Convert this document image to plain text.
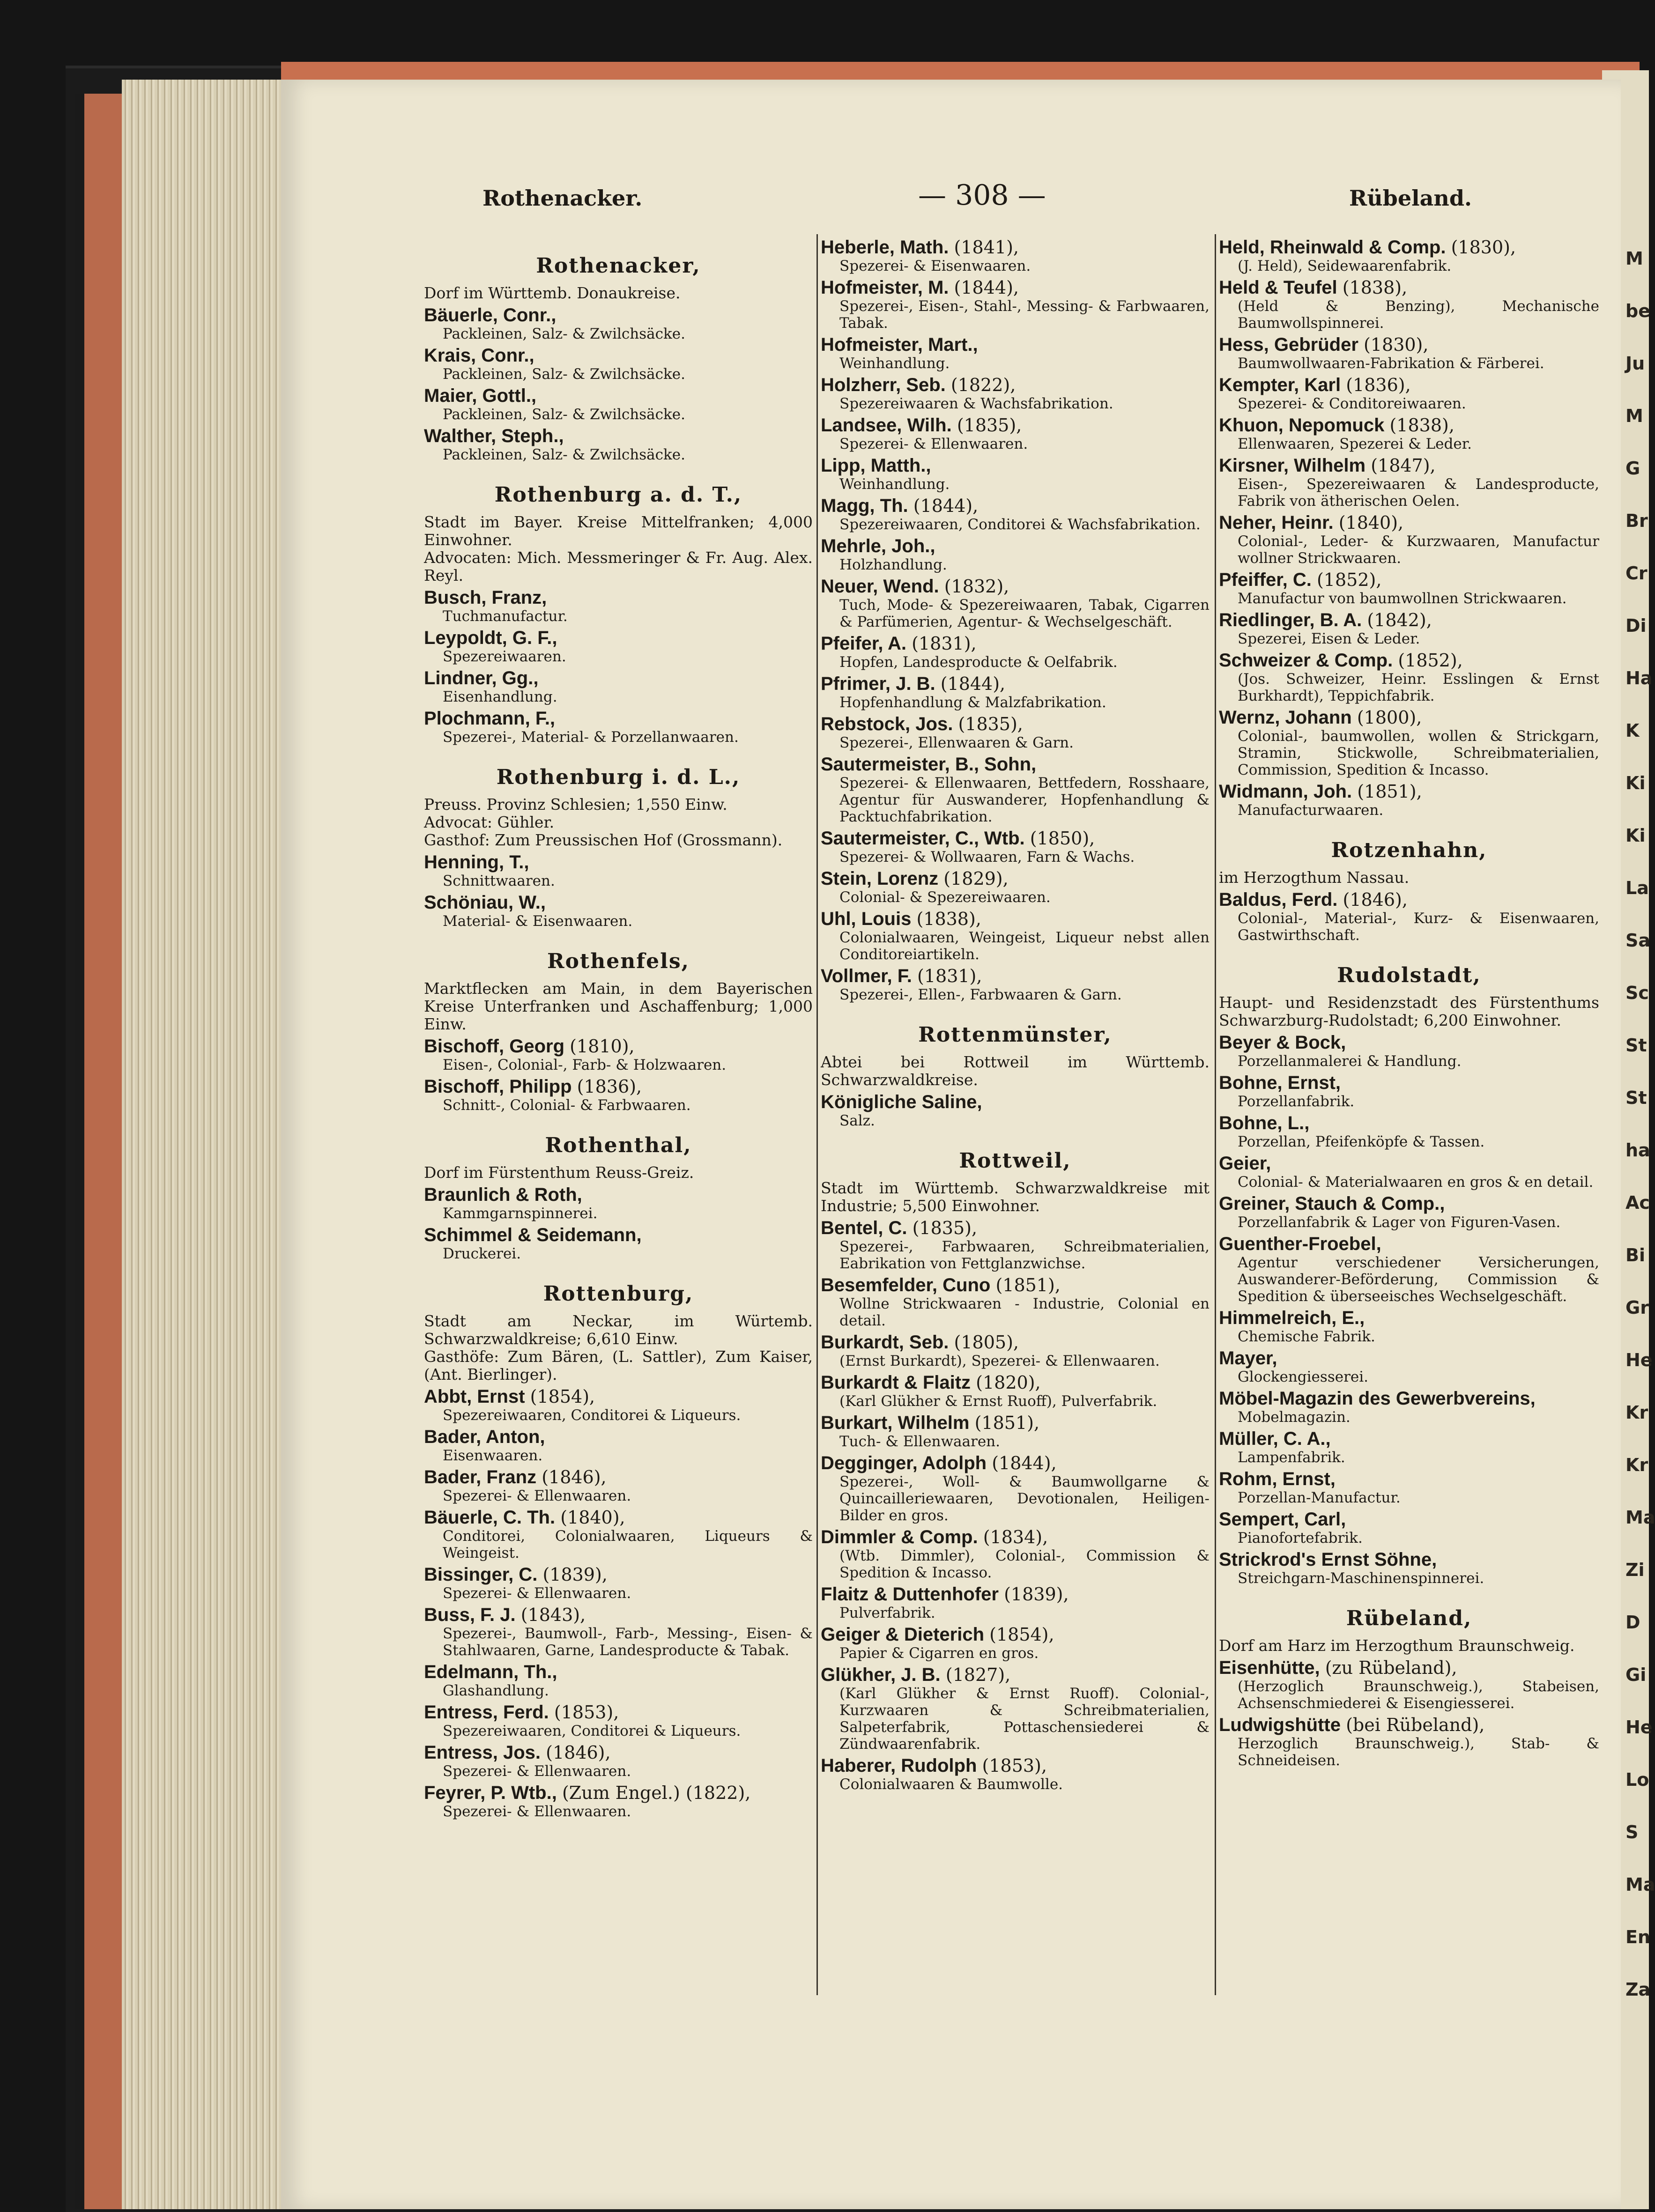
M
be
Ju
M
G
Br
Cr
Di
Ha
K
Ki
Ki
La
Sa
Sc
St
St
ha
Ac
Bi
Gr
He
Kr
Kr
Ma
Zi
D
Gi
He
Lo
S
Ma
En
Za
Rothenacker.	— 308 —	Rübeland.
Rothenacker,
Dorf im Württemb. Donaukreise.
Bäuerle, Conr.,
Packleinen, Salz- & Zwilchsäcke.
Krais, Conr.,
Packleinen, Salz- & Zwilchsäcke.
Maier, Gottl.,
Packleinen, Salz- & Zwilchsäcke.
Walther, Steph.,
Packleinen, Salz- & Zwilchsäcke.
Rothenburg a. d. T.,
Stadt im Bayer. Kreise Mittelfranken; 4,000 Einwohner.
Advocaten: Mich. Messmeringer & Fr. Aug. Alex. Reyl.
Busch, Franz,
Tuchmanufactur.
Leypoldt, G. F.,
Spezereiwaaren.
Lindner, Gg.,
Eisenhandlung.
Plochmann, F.,
Spezerei-, Material- & Porzellanwaaren.
Rothenburg i. d. L.,
Preuss. Provinz Schlesien; 1,550 Einw.
Advocat: Gühler.
Gasthof: Zum Preussischen Hof (Grossmann).
Henning, T.,
Schnittwaaren.
Schöniau, W.,
Material- & Eisenwaaren.
Rothenfels,
Marktflecken am Main, in dem Bayerischen Kreise Unterfranken und Aschaffenburg; 1,000 Einw.
Bischoff, Georg (1810),
Eisen-, Colonial-, Farb- & Holzwaaren.
Bischoff, Philipp (1836),
Schnitt-, Colonial- & Farbwaaren.
Rothenthal,
Dorf im Fürstenthum Reuss-Greiz.
Braunlich & Roth,
Kammgarnspinnerei.
Schimmel & Seidemann,
Druckerei.
Rottenburg,
Stadt am Neckar, im Würtemb. Schwarzwaldkreise; 6,610 Einw.
Gasthöfe: Zum Bären, (L. Sattler), Zum Kaiser, (Ant. Bierlinger).
Abbt, Ernst (1854),
Spezereiwaaren, Conditorei & Liqueurs.
Bader, Anton,
Eisenwaaren.
Bader, Franz (1846),
Spezerei- & Ellenwaaren.
Bäuerle, C. Th. (1840),
Conditorei, Colonialwaaren, Liqueurs & Weingeist.
Bissinger, C. (1839),
Spezerei- & Ellenwaaren.
Buss, F. J. (1843),
Spezerei-, Baumwoll-, Farb-, Messing-, Eisen- & Stahlwaaren, Garne, Landesproducte & Tabak.
Edelmann, Th.,
Glashandlung.
Entress, Ferd. (1853),
Spezereiwaaren, Conditorei & Liqueurs.
Entress, Jos. (1846),
Spezerei- & Ellenwaaren.
Feyrer, P. Wtb., (Zum Engel.) (1822),
Spezerei- & Ellenwaaren.
Heberle, Math. (1841),
Spezerei- & Eisenwaaren.
Hofmeister, M. (1844),
Spezerei-, Eisen-, Stahl-, Messing- & Farbwaaren, Tabak.
Hofmeister, Mart.,
Weinhandlung.
Holzherr, Seb. (1822),
Spezereiwaaren & Wachsfabrikation.
Landsee, Wilh. (1835),
Spezerei- & Ellenwaaren.
Lipp, Matth.,
Weinhandlung.
Magg, Th. (1844),
Spezereiwaaren, Conditorei & Wachsfabrikation.
Mehrle, Joh.,
Holzhandlung.
Neuer, Wend. (1832),
Tuch, Mode- & Spezereiwaaren, Tabak, Cigarren & Parfümerien, Agentur- & Wechselgeschäft.
Pfeifer, A. (1831),
Hopfen, Landesproducte & Oelfabrik.
Pfrimer, J. B. (1844),
Hopfenhandlung & Malzfabrikation.
Rebstock, Jos. (1835),
Spezerei-, Ellenwaaren & Garn.
Sautermeister, B., Sohn,
Spezerei- & Ellenwaaren, Bettfedern, Rosshaare, Agentur für Auswanderer, Hopfenhandlung & Packtuchfabrikation.
Sautermeister, C., Wtb. (1850),
Spezerei- & Wollwaaren, Farn & Wachs.
Stein, Lorenz (1829),
Colonial- & Spezereiwaaren.
Uhl, Louis (1838),
Colonialwaaren, Weingeist, Liqueur nebst allen Conditoreiartikeln.
Vollmer, F. (1831),
Spezerei-, Ellen-, Farbwaaren & Garn.
Rottenmünster,
Abtei bei Rottweil im Württemb. Schwarzwaldkreise.
Königliche Saline,
Salz.
Rottweil,
Stadt im Württemb. Schwarzwaldkreise mit Industrie; 5,500 Einwohner.
Bentel, C. (1835),
Spezerei-, Farbwaaren, Schreibmaterialien, Eabrikation von Fettglanzwichse.
Besemfelder, Cuno (1851),
Wollne Strickwaaren - Industrie, Colonial en detail.
Burkardt, Seb. (1805),
(Ernst Burkardt), Spezerei- & Ellenwaaren.
Burkardt & Flaitz (1820),
(Karl Glükher & Ernst Ruoff), Pulverfabrik.
Burkart, Wilhelm (1851),
Tuch- & Ellenwaaren.
Degginger, Adolph (1844),
Spezerei-, Woll- & Baumwollgarne & Quincailleriewaaren, Devotionalen, Heiligen-Bilder en gros.
Dimmler & Comp. (1834),
(Wtb. Dimmler), Colonial-, Commission & Spedition & Incasso.
Flaitz & Duttenhofer (1839),
Pulverfabrik.
Geiger & Dieterich (1854),
Papier & Cigarren en gros.
Glükher, J. B. (1827),
(Karl Glükher & Ernst Ruoff). Colonial-, Kurzwaaren & Schreibmaterialien, Salpeterfabrik, Pottaschensiederei & Zündwaarenfabrik.
Haberer, Rudolph (1853),
Colonialwaaren & Baumwolle.
Held, Rheinwald & Comp. (1830),
(J. Held), Seidewaarenfabrik.
Held & Teufel (1838),
(Held & Benzing), Mechanische Baumwollspinnerei.
Hess, Gebrüder (1830),
Baumwollwaaren-Fabrikation & Färberei.
Kempter, Karl (1836),
Spezerei- & Conditoreiwaaren.
Khuon, Nepomuck (1838),
Ellenwaaren, Spezerei & Leder.
Kirsner, Wilhelm (1847),
Eisen-, Spezereiwaaren & Landesproducte, Fabrik von ätherischen Oelen.
Neher, Heinr. (1840),
Colonial-, Leder- & Kurzwaaren, Manufactur wollner Strickwaaren.
Pfeiffer, C. (1852),
Manufactur von baumwollnen Strickwaaren.
Riedlinger, B. A. (1842),
Spezerei, Eisen & Leder.
Schweizer & Comp. (1852),
(Jos. Schweizer, Heinr. Esslingen & Ernst Burkhardt), Teppichfabrik.
Wernz, Johann (1800),
Colonial-, baumwollen, wollen & Strickgarn, Stramin, Stickwolle, Schreibmaterialien, Commission, Spedition & Incasso.
Widmann, Joh. (1851),
Manufacturwaaren.
Rotzenhahn,
im Herzogthum Nassau.
Baldus, Ferd. (1846),
Colonial-, Material-, Kurz- & Eisenwaaren, Gastwirthschaft.
Rudolstadt,
Haupt- und Residenzstadt des Fürstenthums Schwarzburg-Rudolstadt; 6,200 Einwohner.
Beyer & Bock,
Porzellanmalerei & Handlung.
Bohne, Ernst,
Porzellanfabrik.
Bohne, L.,
Porzellan, Pfeifenköpfe & Tassen.
Geier,
Colonial- & Materialwaaren en gros & en detail.
Greiner, Stauch & Comp.,
Porzellanfabrik & Lager von Figuren-Vasen.
Guenther-Froebel,
Agentur verschiedener Versicherungen, Auswanderer-Beförderung, Commission & Spedition & überseeisches Wechselgeschäft.
Himmelreich, E.,
Chemische Fabrik.
Mayer,
Glockengiesserei.
Möbel-Magazin des Gewerbvereins,
Mobelmagazin.
Müller, C. A.,
Lampenfabrik.
Rohm, Ernst,
Porzellan-Manufactur.
Sempert, Carl,
Pianofortefabrik.
Strickrod's Ernst Söhne,
Streichgarn-Maschinenspinnerei.
Rübeland,
Dorf am Harz im Herzogthum Braunschweig.
Eisenhütte, (zu Rübeland),
(Herzoglich Braunschweig.), Stabeisen, Achsenschmiederei & Eisengiesserei.
Ludwigshütte (bei Rübeland),
Herzoglich Braunschweig.), Stab- & Schneideisen.
